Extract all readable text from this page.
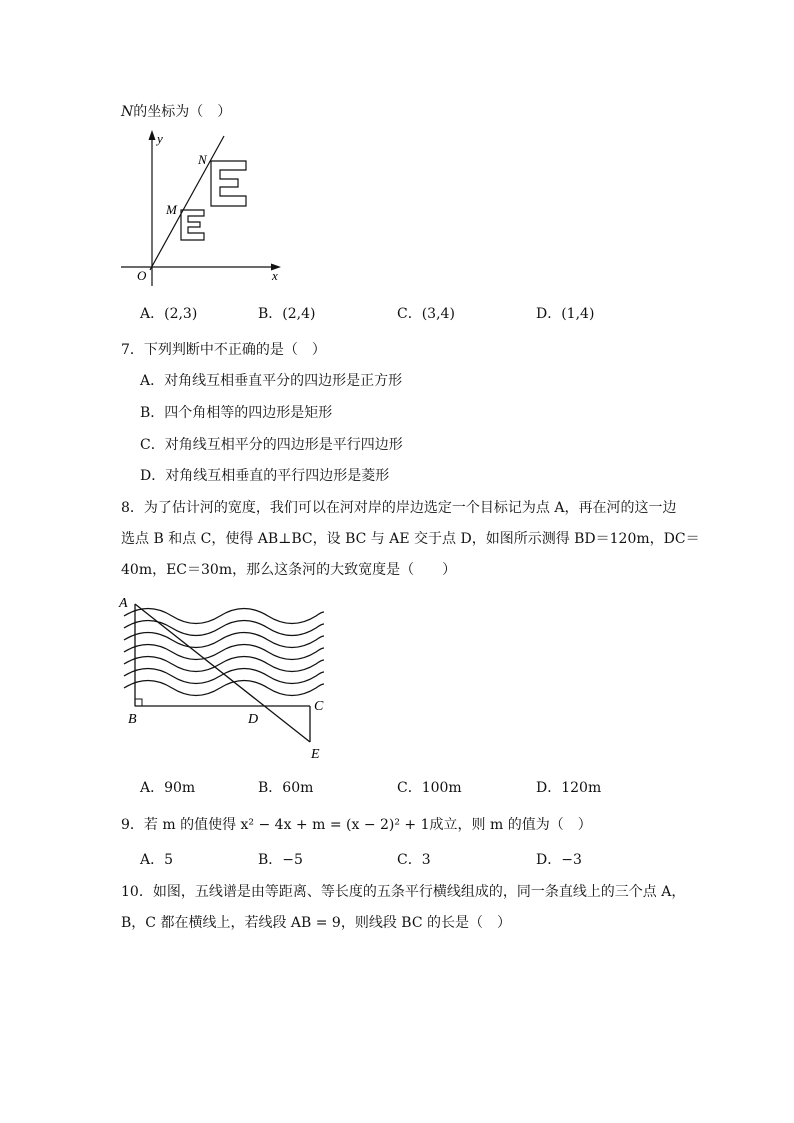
N的坐标为（　）
y
x
O
N
M
A．(2,3)	B．(2,4)	C．(3,4)	D．(1,4)
7．下列判断中不正确的是（　）
A．对角线互相垂直平分的四边形是正方形
B．四个角相等的四边形是矩形
C．对角线互相平分的四边形是平行四边形
D．对角线互相垂直的平行四边形是菱形
8．为了估计河的宽度，我们可以在河对岸的岸边选定一个目标记为点 A，再在河的这一边
选点 B 和点 C，使得 AB⊥BC，设 BC 与 AE 交于点 D，如图所示测得 BD＝120m，DC＝
40m，EC＝30m，那么这条河的大致宽度是（　　）
A
B
C
D
E
A．90m	B．60m	C．100m	D．120m
9．若 m 的值使得 x² − 4x + m = (x − 2)² + 1成立，则 m 的值为（　）
A．5	B．−5	C．3	D．−3
10．如图，五线谱是由等距离、等长度的五条平行横线组成的，同一条直线上的三个点 A，
B，C 都在横线上，若线段 AB = 9，则线段 BC 的长是（　）
